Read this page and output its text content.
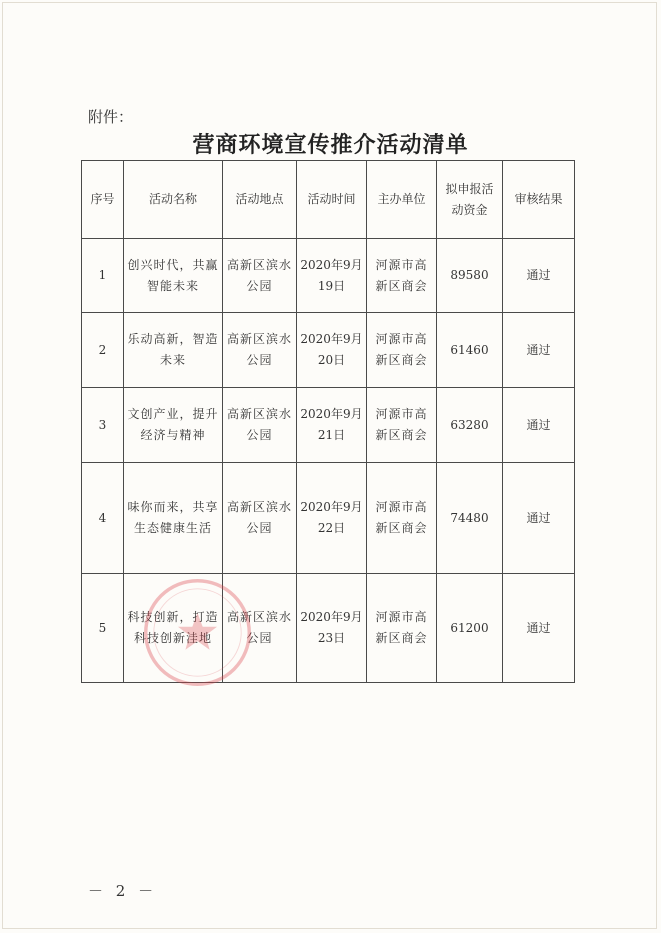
附件：
营商环境宣传推介活动清单
序号	活动名称	活动地点	活动时间	主办单位	拟申报活动资金	审核结果
1	创兴时代，共赢智能未来	高新区滨水公园	2020年9月19日	河源市高新区商会	89580	通过
2	乐动高新，智造未来	高新区滨水公园	2020年9月20日	河源市高新区商会	61460	通过
3	文创产业，提升经济与精神	高新区滨水公园	2020年9月21日	河源市高新区商会	63280	通过
4	味你而来，共享生态健康生活	高新区滨水公园	2020年9月22日	河源市高新区商会	74480	通过
5	科技创新，打造科技创新洼地	高新区滨水公园	2020年9月23日	河源市高新区商会	61200	通过
－ 2 －
